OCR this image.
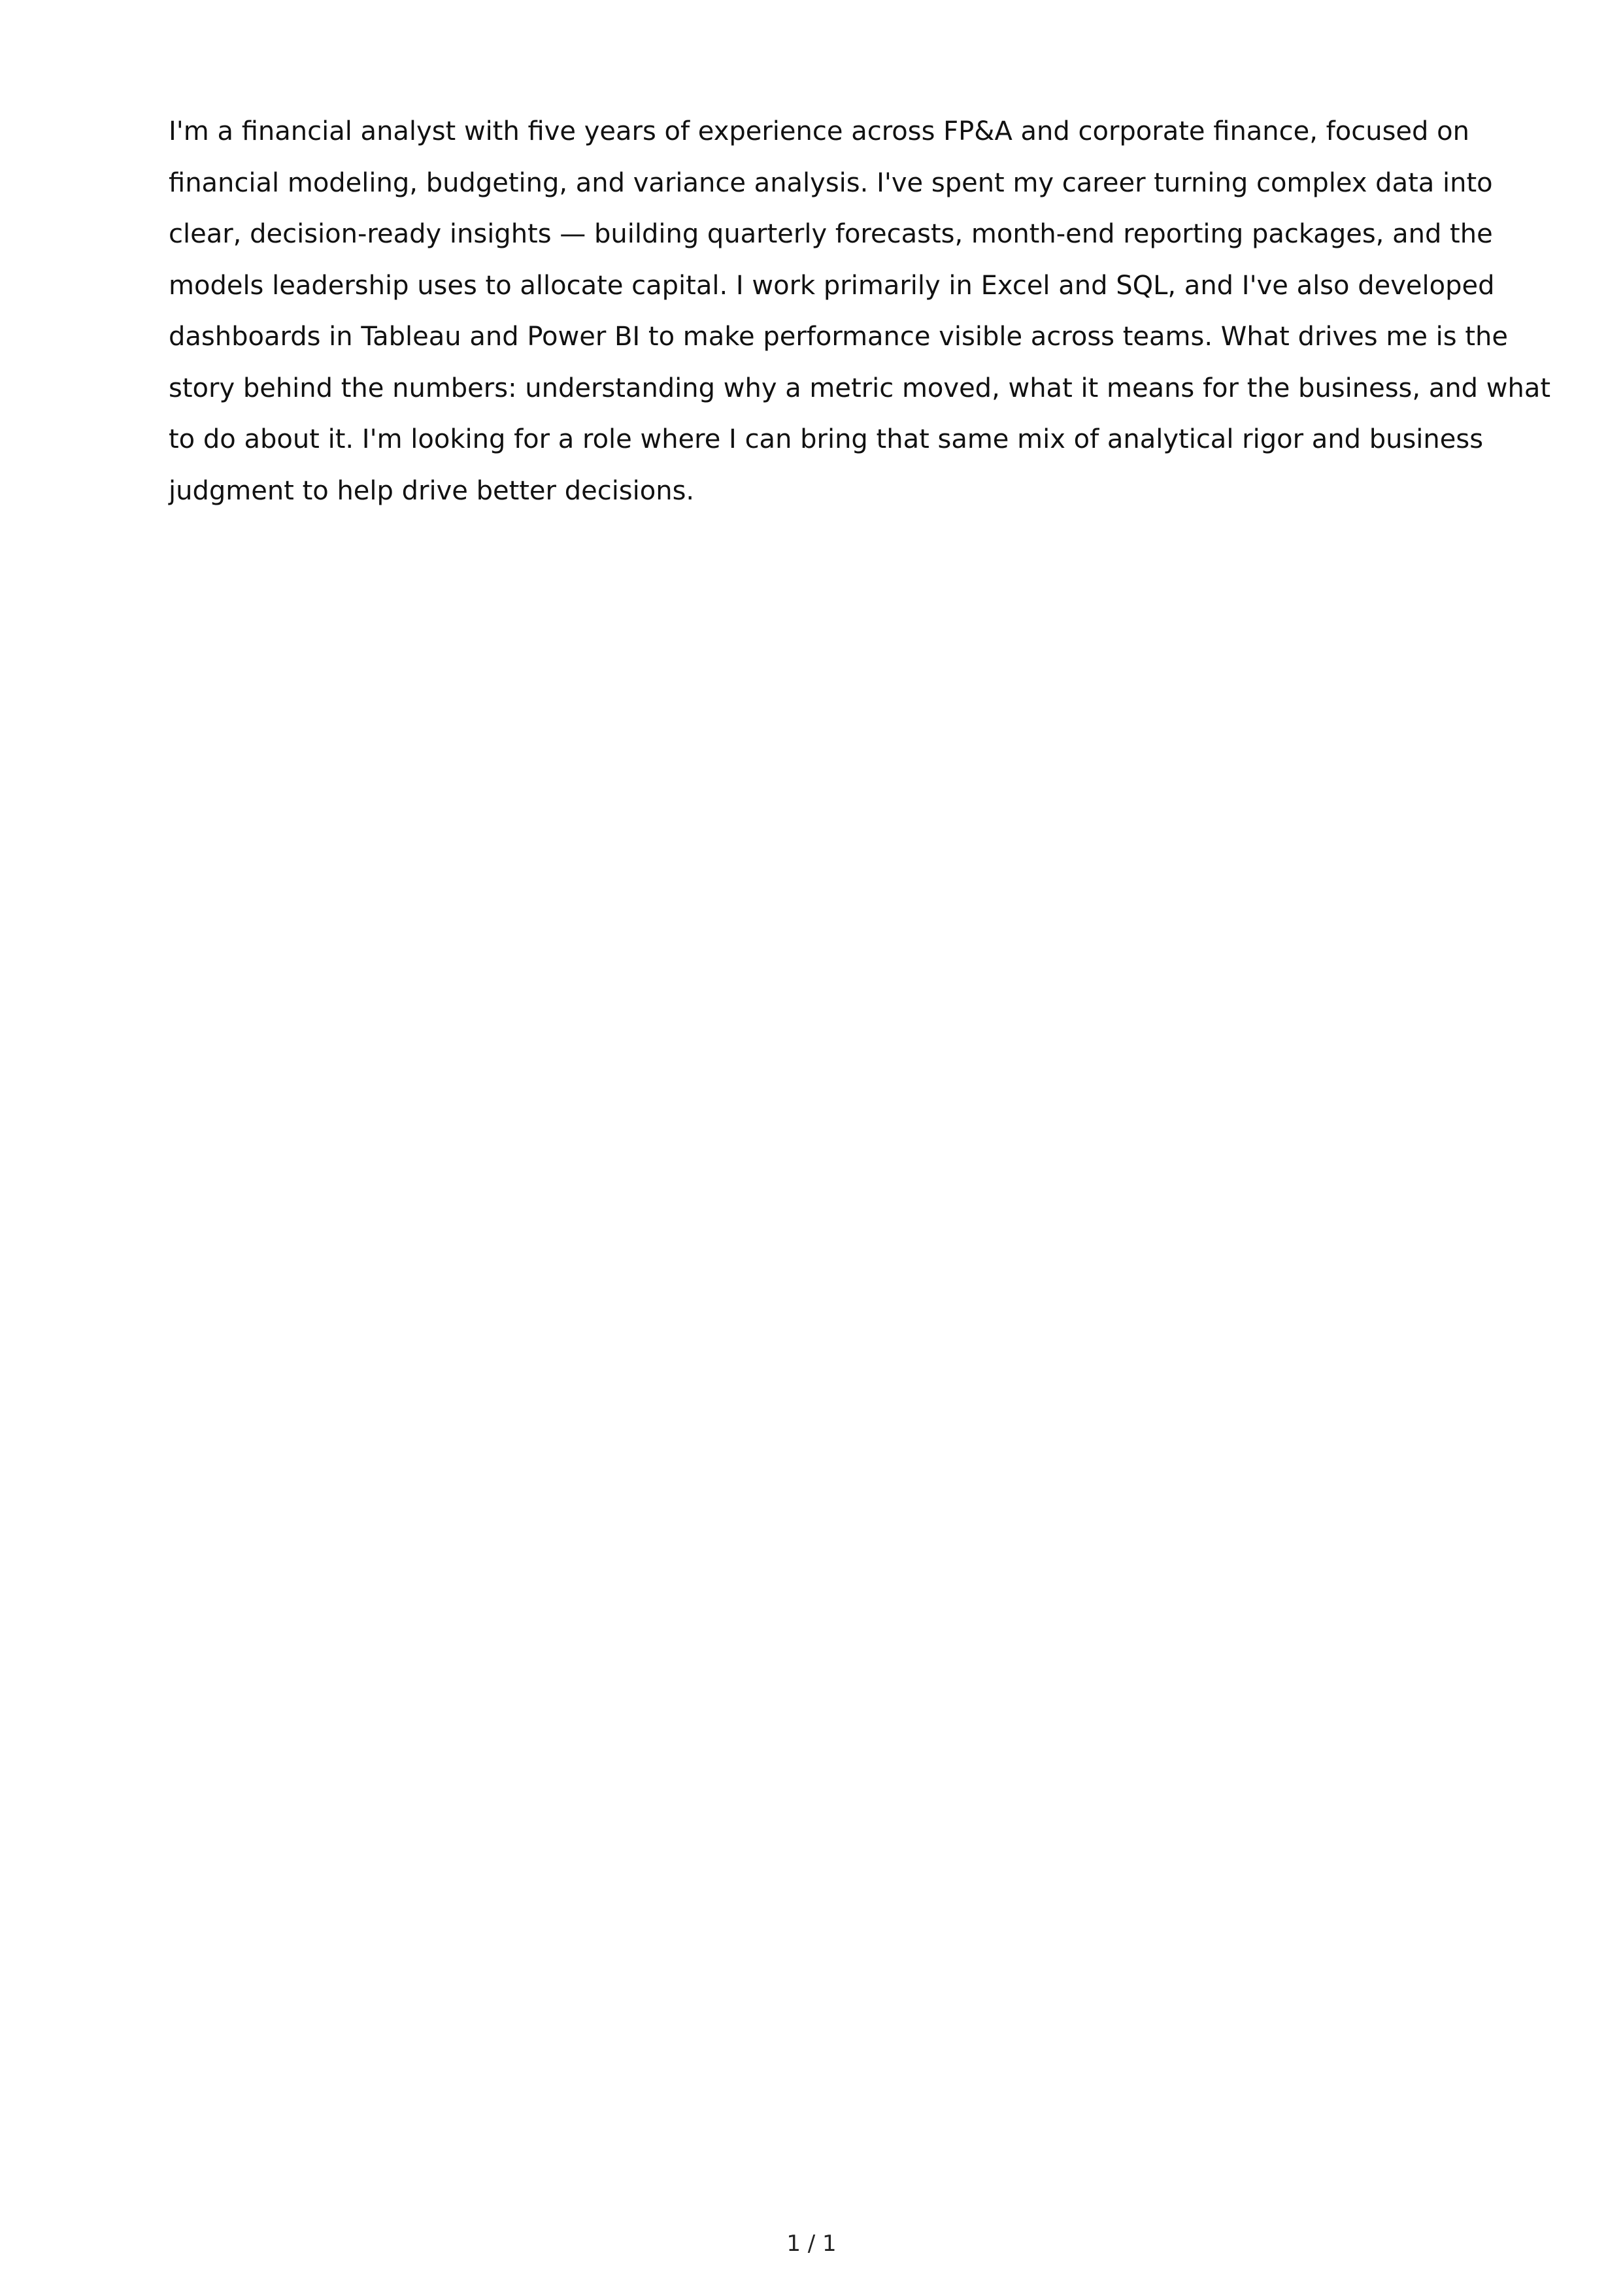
I'm a financial analyst with five years of experience across FP&A and corporate finance, focused on
financial modeling, budgeting, and variance analysis. I've spent my career turning complex data into
clear, decision-ready insights — building quarterly forecasts, month-end reporting packages, and the
models leadership uses to allocate capital. I work primarily in Excel and SQL, and I've also developed
dashboards in Tableau and Power BI to make performance visible across teams. What drives me is the
story behind the numbers: understanding why a metric moved, what it means for the business, and what
to do about it. I'm looking for a role where I can bring that same mix of analytical rigor and business
judgment to help drive better decisions.

1 / 1
